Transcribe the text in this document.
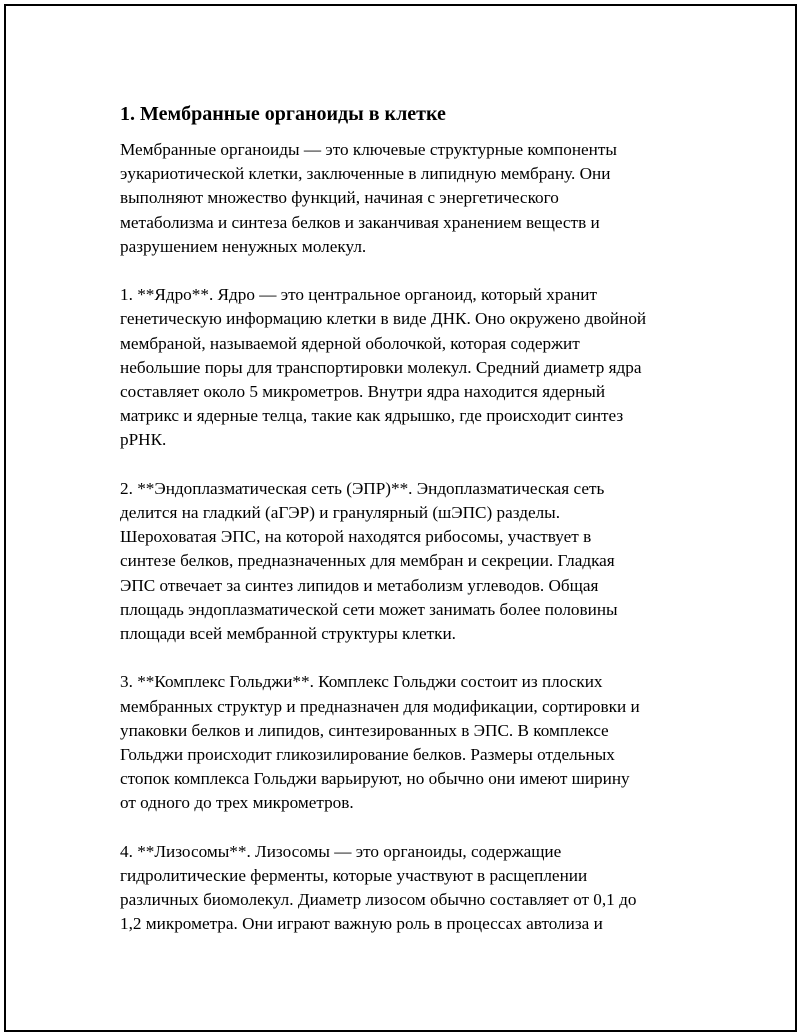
1. Мембранные органоиды в клетке

Мембранные органоиды — это ключевые структурные компоненты
эукариотической клетки, заключенные в липидную мембрану. Они
выполняют множество функций, начиная с энергетического
метаболизма и синтеза белков и заканчивая хранением веществ и
разрушением ненужных молекул.

1. **Ядро**. Ядро — это центральное органоид, который хранит
генетическую информацию клетки в виде ДНК. Оно окружено двойной
мембраной, называемой ядерной оболочкой, которая содержит
небольшие поры для транспортировки молекул. Средний диаметр ядра
составляет около 5 микрометров. Внутри ядра находится ядерный
матрикс и ядерные телца, такие как ядрышко, где происходит синтез
рРНК.

2. **Эндоплазматическая сеть (ЭПР)**. Эндоплазматическая сеть
делится на гладкий (аГЭР) и гранулярный (шЭПС) разделы.
Шероховатая ЭПС, на которой находятся рибосомы, участвует в
синтезе белков, предназначенных для мембран и секреции. Гладкая
ЭПС отвечает за синтез липидов и метаболизм углеводов. Общая
площадь эндоплазматической сети может занимать более половины
площади всей мембранной структуры клетки.

3. **Комплекс Гольджи**. Комплекс Гольджи состоит из плоских
мембранных структур и предназначен для модификации, сортировки и
упаковки белков и липидов, синтезированных в ЭПС. В комплексе
Гольджи происходит гликозилирование белков. Размеры отдельных
стопок комплекса Гольджи варьируют, но обычно они имеют ширину
от одного до трех микрометров.

4. **Лизосомы**. Лизосомы — это органоиды, содержащие
гидролитические ферменты, которые участвуют в расщеплении
различных биомолекул. Диаметр лизосом обычно составляет от 0,1 до
1,2 микрометра. Они играют важную роль в процессах автолиза и
